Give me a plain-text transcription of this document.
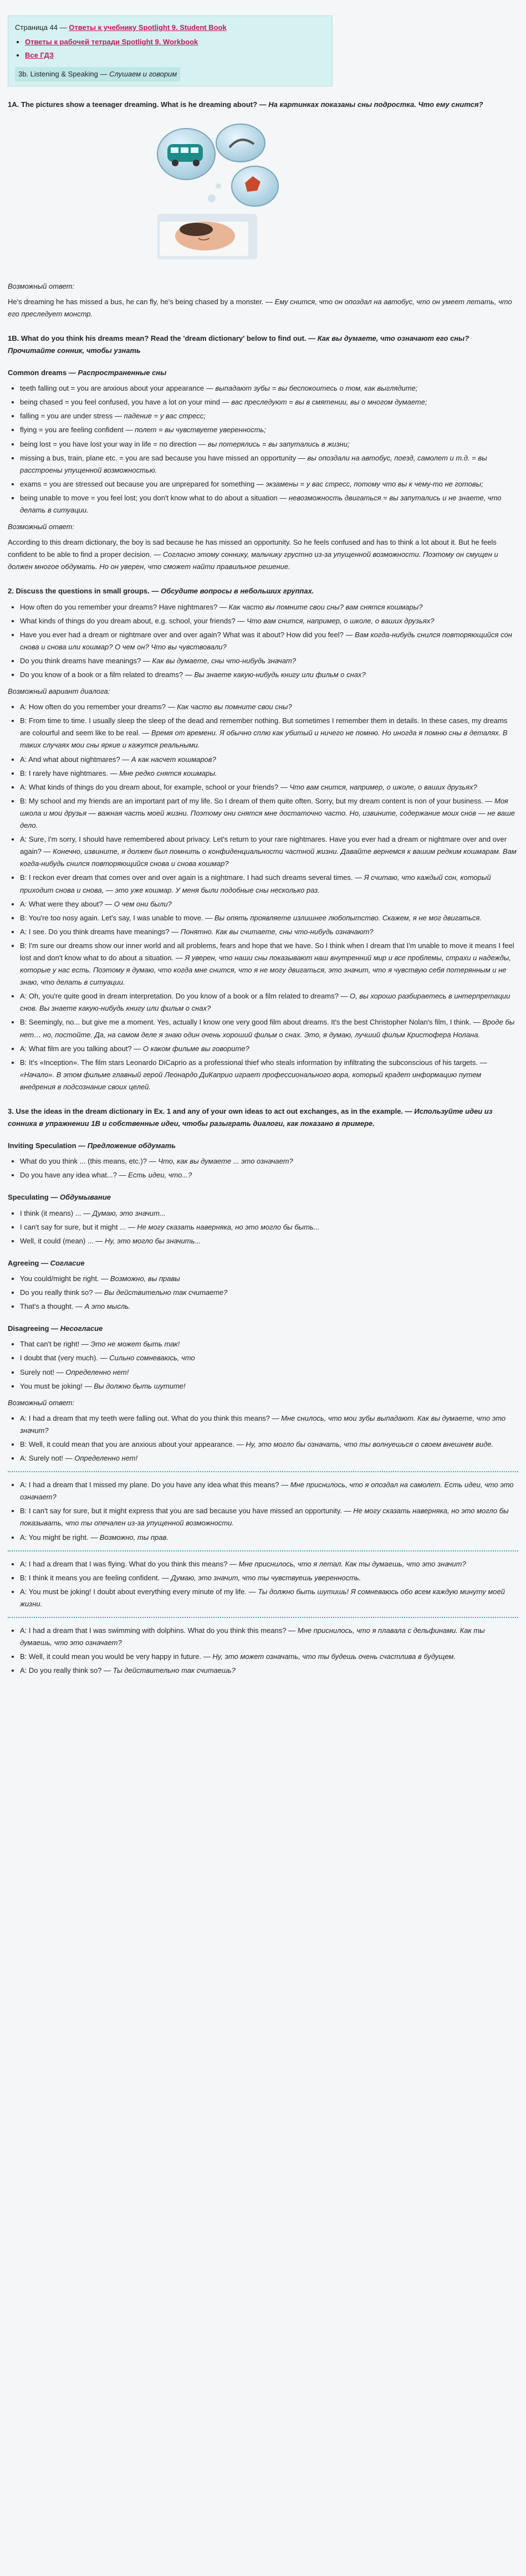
Страница 44 — Ответы к учебнику Spotlight 9. Student Book
• Ответы к рабочей тетради Spotlight 9. Workbook
• Все ГДЗ
3b. Listening & Speaking — Слушаем и говорим
1A. The pictures show a teenager dreaming. What is he dreaming about? — На картинках показаны сны подростка. Что ему снится?

Возможный ответ:

He's dreaming he has missed a bus, he can fly, he's being chased by a monster. — Ему снится, что он опоздал на автобус, что он умеет летать, что его преследует монстр.

1B. What do you think his dreams mean? Read the 'dream dictionary' below to find out. — Как вы думаете, что означают его сны? Прочитайте сонник, чтобы узнать
Common dreams — Распространенные сны
• teeth falling out = you are anxious about your appearance — выпадают зубы = вы беспокоитесь о том, как выглядите;
• being chased = you feel confused, you have a lot on your mind — вас преследуют = вы в смятении, вы о многом думаете;
• falling = you are under stress — падение = у вас стресс;
• flying = you are feeling confident — полет = вы чувствуете уверенность;
• being lost = you have lost your way in life = no direction — вы потерялись = вы запутались в жизни;
• missing a bus, train, plane etc. = you are sad because you have missed an opportunity — вы опоздали на автобус, поезд, самолет и т.д. = вы расстроены упущенной возможностью.
• exams = you are stressed out because you are unprepared for something — экзамены = у вас стресс, потому что вы к чему-то не готовы;
• being unable to move = you feel lost; you don't know what to do about a situation — невозможность двигаться = вы запутались и не знаете, что делать в ситуации.

Возможный ответ:

According to this dream dictionary, the boy is sad because he has missed an opportunity. So he feels confused and has to think a lot about it. But he feels confident to be able to find a proper decision. — Согласно этому соннику, мальчику грустно из-за упущенной возможности. Поэтому он смущен и должен многое обдумать. Но он уверен, что сможет найти правильное решение.

2. Discuss the questions in small groups. — Обсудите вопросы в небольших группах.
• How often do you remember your dreams? Have nightmares? — Как часто вы помните свои сны? вам снятся кошмары?
• What kinds of things do you dream about, e.g. school, your friends? — Что вам снится, например, о школе, о ваших друзьях?
• Have you ever had a dream or nightmare over and over again? What was it about? How did you feel? — Вам когда-нибудь снился повторяющийся сон снова и снова или кошмар? О чем он? Что вы чувствовали?
• Do you think dreams have meanings? — Как вы думаете, сны что-нибудь значат?
• Do you know of a book or a film related to dreams? — Вы знаете какую-нибудь книгу или фильм о снах?

Возможный вариант диалога:

• A: How often do you remember your dreams? — Как часто вы помните свои сны?
• B: From time to time. I usually sleep the sleep of the dead and remember nothing. But sometimes I remember them in details. In these cases, my dreams are colourful and seem like to be real. — Время от времени. Я обычно сплю как убитый и ничего не помню. Но иногда я помню сны в деталях. В таких случаях мои сны яркие и кажутся реальными.
• A: And what about nightmares? — А как насчет кошмаров?
• B: I rarely have nightmares. — Мне редко снятся кошмары.
• A: What kinds of things do you dream about, for example, school or your friends? — Что вам снится, например, о школе, о ваших друзьях?
• B: My school and my friends are an important part of my life. So I dream of them quite often. Sorry, but my dream content is non of your business. — Моя школа и мои друзья — важная часть моей жизни. Поэтому они снятся мне достаточно часто. Но, извините, содержание моих снов — не ваше дело.
• A: Sure, I'm sorry, I should have remembered about privacy. Let's return to your rare nightmares. Have you ever had a dream or nightmare over and over again? — Конечно, извините, я должен был помнить о конфиденциальности частной жизни. Давайте вернемся к вашим редким кошмарам. Вам когда-нибудь снился повторяющийся снова и снова кошмар?
• B: I reckon ever dream that comes over and over again is a nightmare. I had such dreams several times. — Я считаю, что каждый сон, который приходит снова и снова, — это уже кошмар. У меня были подобные сны несколько раз.
• A: What were they about? — О чем они были?
• B: You're too nosy again. Let's say, I was unable to move. — Вы опять проявляете излишнее любопытство. Скажем, я не мог двигаться.
• A: I see. Do you think dreams have meanings? — Понятно. Как вы считаете, сны что-нибудь означают?
• B: I'm sure our dreams show our inner world and all problems, fears and hope that we have. So I think when I dream that I'm unable to move it means I feel lost and don't know what to do about a situation. — Я уверен, что наши сны показывают наш внутренний мир и все проблемы, страхи и надежды, которые у нас есть. Поэтому я думаю, что когда мне снится, что я не могу двигаться, это значит, что я чувствую себя потерянным и не знаю, что делать в ситуации.
• A: Oh, you're quite good in dream interpretation. Do you know of a book or a film related to dreams? — О, вы хорошо разбираетесь в интерпретации снов. Вы знаете какую-нибудь книгу или фильм о снах?
• B: Seemingly, no... but give me a moment. Yes, actually I know one very good film about dreams. It's the best Christopher Nolan's film, I think. — Вроде бы нет… но, постойте. Да, на самом деле я знаю один очень хороший фильм о снах. Это, я думаю, лучший фильм Кристофера Нолана.
• A: What film are you talking about? — О каком фильме вы говорите?
• B: It's «Inception». The film stars Leonardo DiCaprio as a professional thief who steals information by infiltrating the subconscious of his targets. — «Начало». В этом фильме главный герой Леонардо ДиКаприо играет профессионального вора, который крадет информацию путем внедрения в подсознание своих целей.
3. Use the ideas in the dream dictionary in Ex. 1 and any of your own ideas to act out exchanges, as in the example. — Используйте идеи из сонника в упражнении 1В и собственные идеи, чтобы разыграть диалоги, как показано в примере.
Inviting Speculation — Предложение обдумать
• What do you think ... (this means, etc.)? — Что, как вы думаете ... это означает?
• Do you have any idea what...? — Есть идеи, что...?
Speculating — Обдумывание
• I think (it means) ... — Думаю, это значит...
• I can't say for sure, but it might ... — Не могу сказать наверняка, но это могло бы быть...
• Well, it could (mean) ... — Ну, это могло бы значить...
Agreeing — Согласие
• You could/might be right. — Возможно, вы правы
• Do you really think so? — Вы действительно так считаете?
• That's a thought. — А это мысль.
Disagreeing — Несогласие
• That can't be right! — Это не может быть так!
• I doubt that (very much). — Сильно сомневаюсь, что
• Surely not! — Определенно нет!
• You must be joking! — Вы должно быть шутите!

Возможный ответ:

• A: I had a dream that my teeth were falling out. What do you think this means? — Мне снилось, что мои зубы выпадают. Как вы думаете, что это значит?
• B: Well, it could mean that you are anxious about your appearance. — Ну, это могло бы означать, что ты волнуешься о своем внешнем виде.
• A: Surely not! — Определенно нет!
• A: I had a dream that I missed my plane. Do you have any idea what this means? — Мне приснилось, что я опоздал на самолет. Есть идеи, что это означает?
• B: I can't say for sure, but it might express that you are sad because you have missed an opportunity. — Не могу сказать наверняка, но это могло бы показывать, что ты опечален из-за упущенной возможности.
• A: You might be right. — Возможно, ты прав.
• A: I had a dream that I was flying. What do you think this means? — Мне приснилось, что я летал. Как ты думаешь, что это значит?
• B: I think it means you are feeling confident. — Думаю, это значит, что ты чувствуешь уверенность.
• A: You must be joking! I doubt about everything every minute of my life. — Ты должно быть шутишь! Я сомневаюсь обо всем каждую минуту моей жизни.
• A: I had a dream that I was swimming with dolphins. What do you think this means? — Мне приснилось, что я плавала с дельфинами. Как ты думаешь, что это означает?
• B: Well, it could mean you would be very happy in future. — Ну, это может означать, что ты будешь очень счастлива в будущем.
• A: Do you really think so? — Ты действительно так считаешь?
